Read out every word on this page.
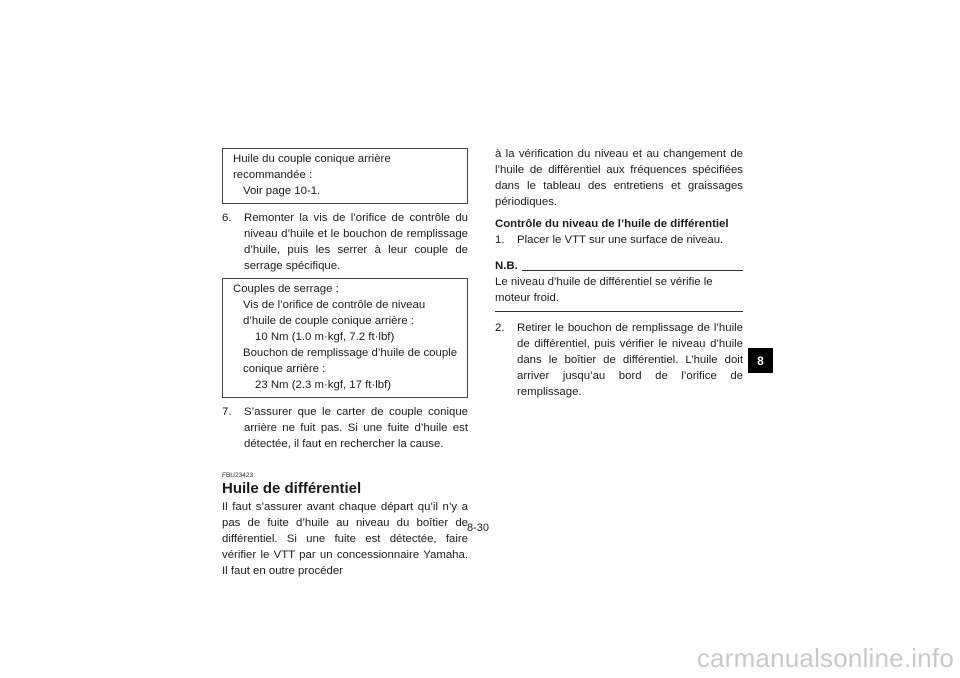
Huile du couple conique arrière
recommandée :
Voir page 10-1.
6.	Remonter la vis de l’orifice de contrôle du niveau d’huile et le bouchon de remplissage d’huile, puis les serrer à leur couple de serrage spécifique.
Couples de serrage :
Vis de l’orifice de contrôle de niveau d’huile de couple conique arrière :
10 Nm (1.0 m·kgf, 7.2 ft·lbf)
Bouchon de remplissage d’huile de couple conique arrière :
23 Nm (2.3 m·kgf, 17 ft·lbf)
7.	S’assurer que le carter de couple conique arrière ne fuit pas. Si une fuite d’huile est détectée, il faut en rechercher la cause.
FBU23423
Huile de différentiel
Il faut s’assurer avant chaque départ qu’il n’y a pas de fuite d’huile au niveau du boîtier de différentiel. Si une fuite est détectée, faire vérifier le VTT par un concessionnaire Yamaha. Il faut en outre procéder
à la vérification du niveau et au changement de l’huile de différentiel aux fréquences spécifiées dans le tableau des entretiens et graissages périodiques.
Contrôle du niveau de l’huile de différentiel
1.	Placer le VTT sur une surface de niveau.
N.B.
Le niveau d’huile de différentiel se vérifie le moteur froid.
2.	Retirer le bouchon de remplissage de l’huile de différentiel, puis vérifier le niveau d’huile dans le boîtier de différentiel. L’huile doit arriver jusqu’au bord de l’orifice de remplissage.
8
8-30
carmanualsonline.info
